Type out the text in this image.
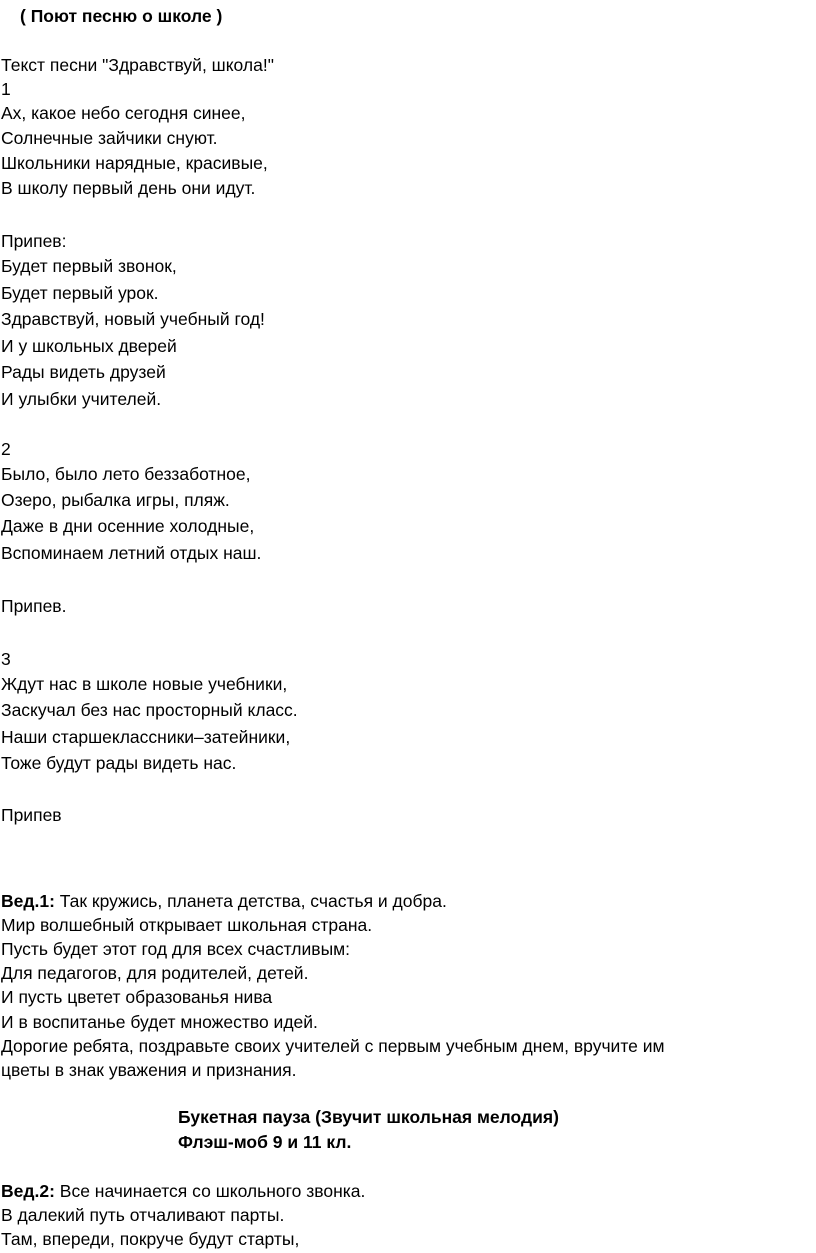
( Поют песню о школе )
Текст песни "Здравствуй, школа!"
1
Ах, какое небо сегодня синее,
Солнечные зайчики снуют.
Школьники нарядные, красивые,
В школу первый день они идут.
Припев:
Будет первый звонок,
Будет первый урок.
Здравствуй, новый учебный год!
И у школьных дверей
Рады видеть друзей
И улыбки учителей.
2
Было, было лето беззаботное,
Озеро, рыбалка игры, пляж.
Даже в дни осенние холодные,
Вспоминаем летний отдых наш.
Припев.
3
Ждут нас в школе новые учебники,
Заскучал без нас просторный класс.
Наши старшеклассники–затейники,
Тоже будут рады видеть нас.
Припев
Вед.1: Так кружись, планета детства, счастья и добра.
Мир волшебный открывает школьная страна.
Пусть будет этот год для всех счастливым:
Для педагогов, для родителей, детей.
И пусть цветет образованья нива
И в воспитанье будет множество идей.
Дорогие ребята, поздравьте своих учителей с первым учебным днем, вручите им
цветы в знак уважения и признания.
Букетная пауза (Звучит школьная мелодия)
Флэш-моб 9 и 11 кл.
Вед.2: Все начинается со школьного звонка.
В далекий путь отчаливают парты.
Там, впереди, покруче будут старты,
